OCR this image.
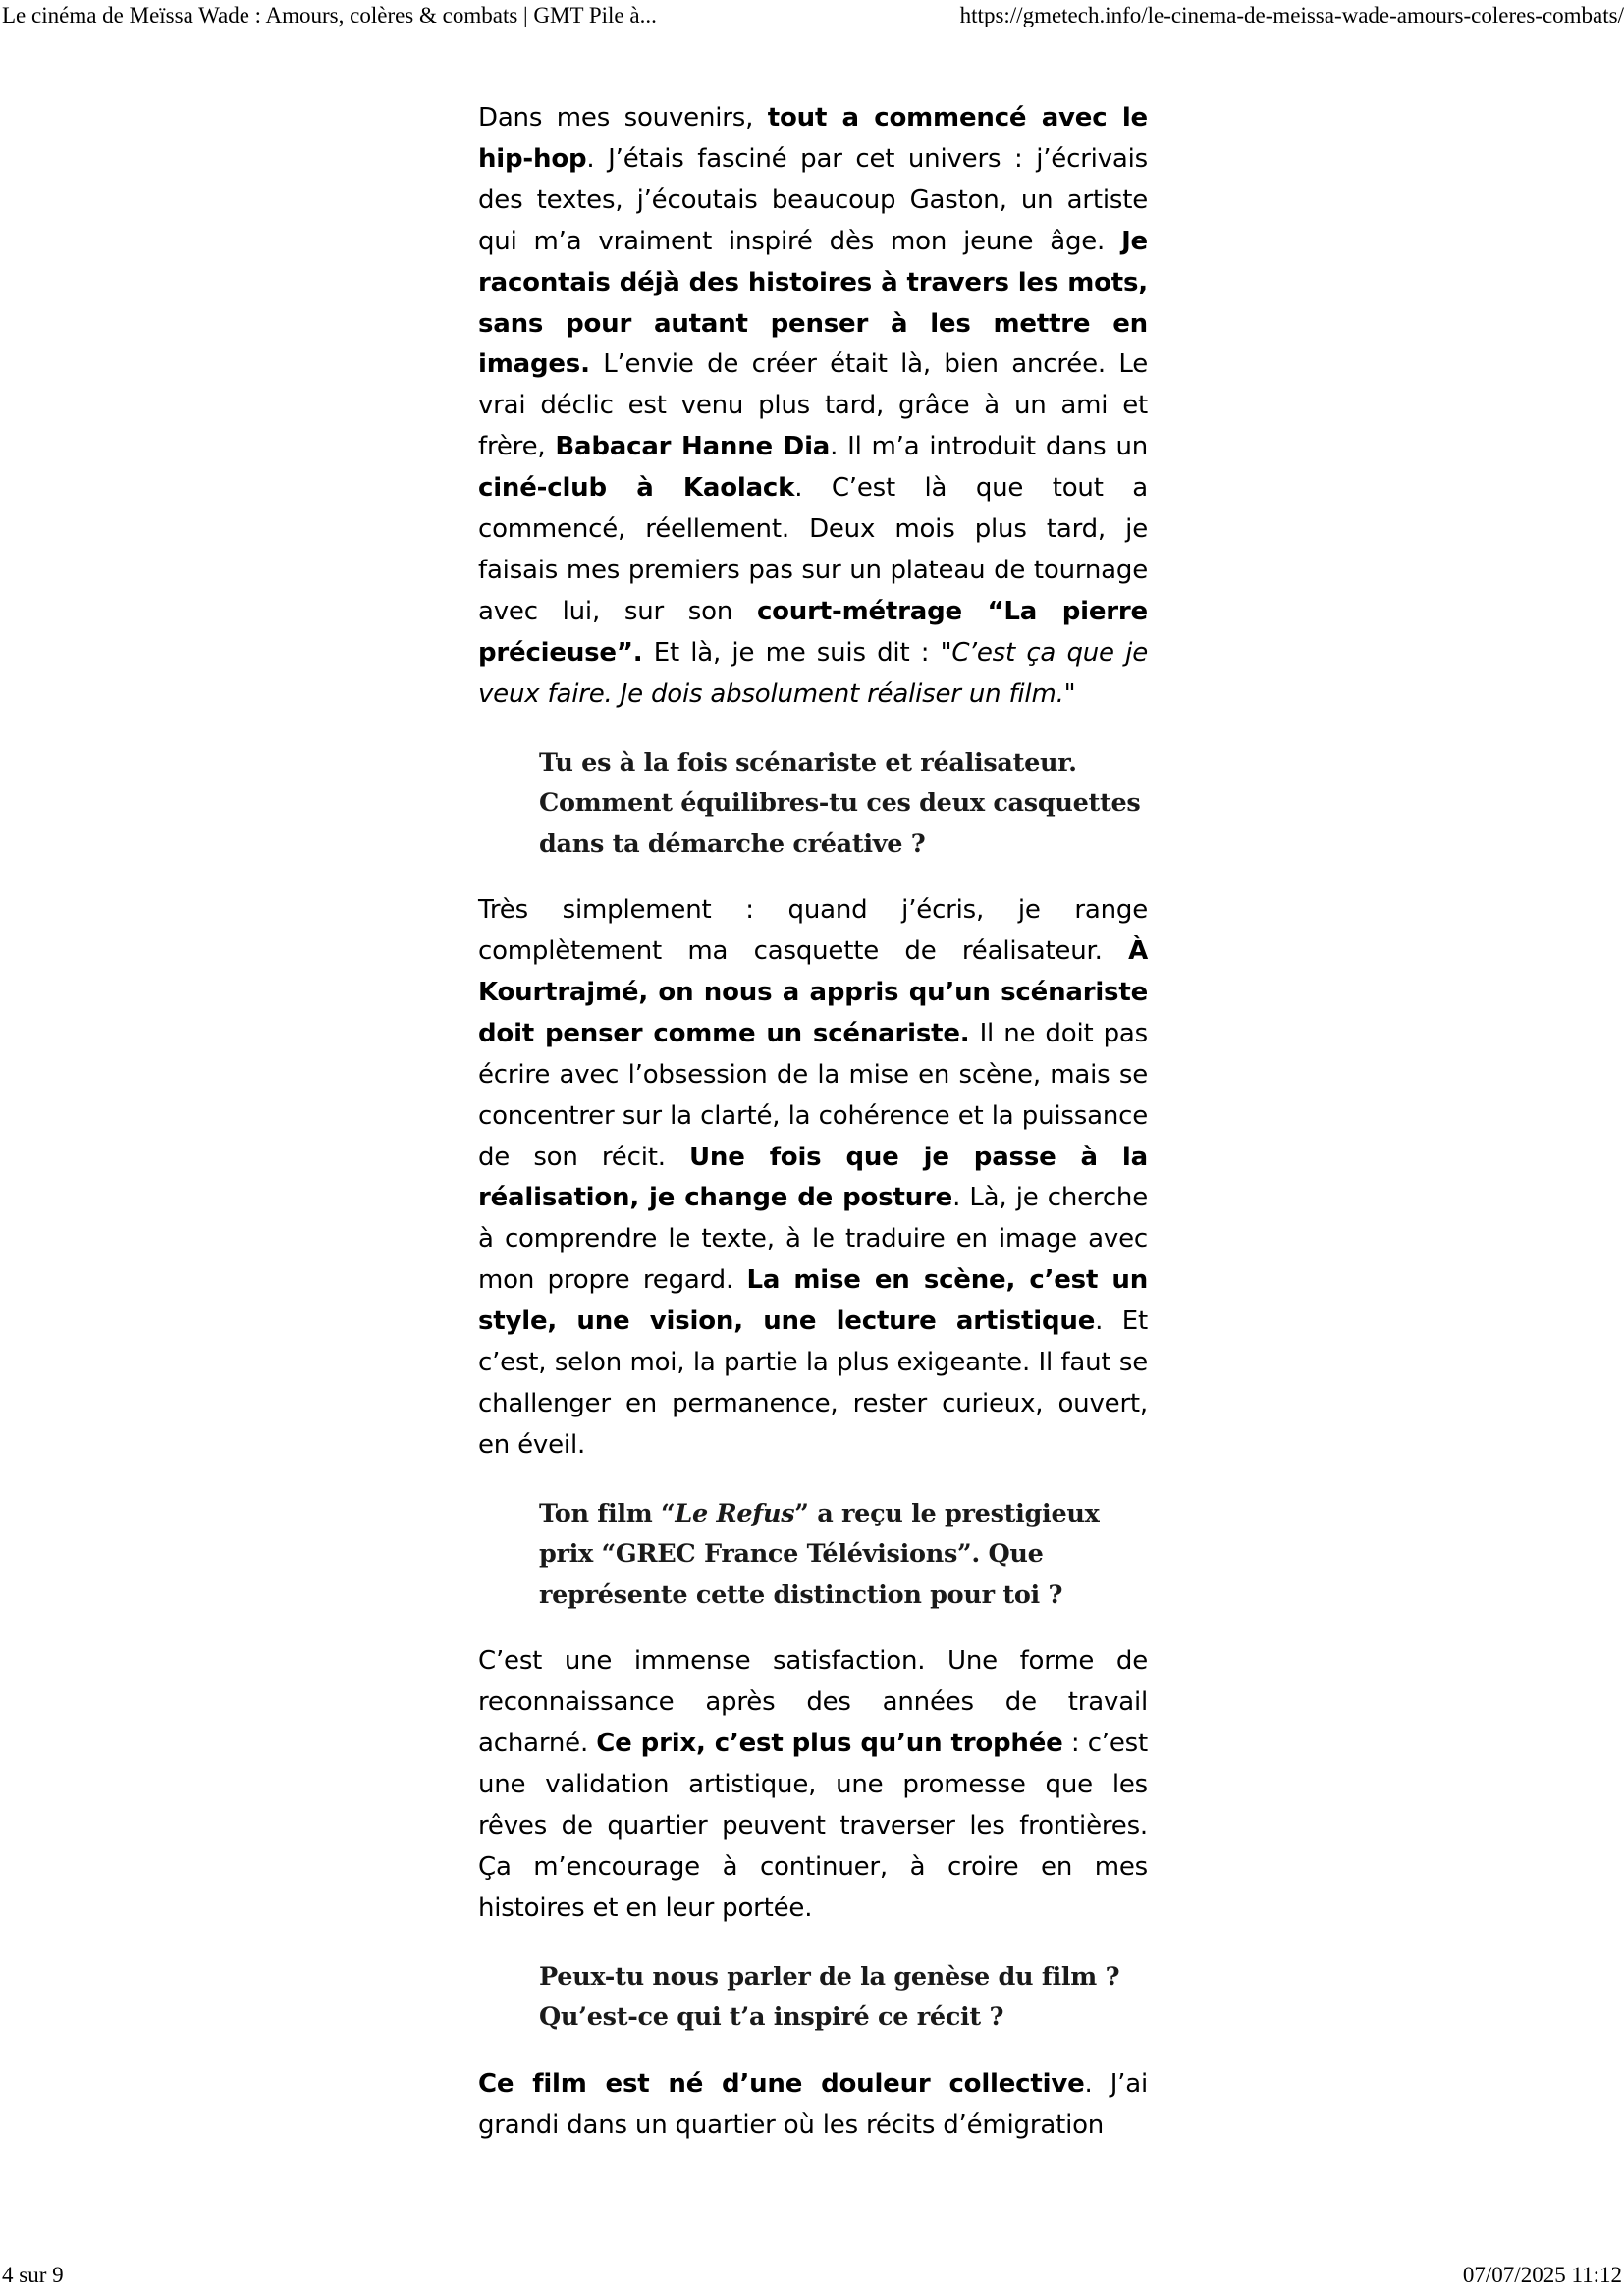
Le cinéma de Meïssa Wade : Amours, colères & combats | GMT Pile à...	https://gmetech.info/le-cinema-de-meissa-wade-amours-coleres-combats/

Dans mes souvenirs, tout a commencé avec le hip-hop. J’étais fasciné par cet univers : j’écrivais des textes, j’écoutais beaucoup Gaston, un artiste qui m’a vraiment inspiré dès mon jeune âge. Je racontais déjà des histoires à travers les mots, sans pour autant penser à les mettre en images. L’envie de créer était là, bien ancrée. Le vrai déclic est venu plus tard, grâce à un ami et frère, Babacar Hanne Dia. Il m’a introduit dans un ciné-club à Kaolack. C’est là que tout a commencé, réellement. Deux mois plus tard, je faisais mes premiers pas sur un plateau de tournage avec lui, sur son court-métrage “La pierre précieuse”. Et là, je me suis dit : "C’est ça que je veux faire. Je dois absolument réaliser un film."

Tu es à la fois scénariste et réalisateur. Comment équilibres-tu ces deux casquettes dans ta démarche créative ?

Très simplement : quand j’écris, je range complètement ma casquette de réalisateur. À Kourtrajmé, on nous a appris qu’un scénariste doit penser comme un scénariste. Il ne doit pas écrire avec l’obsession de la mise en scène, mais se concentrer sur la clarté, la cohérence et la puissance de son récit. Une fois que je passe à la réalisation, je change de posture. Là, je cherche à comprendre le texte, à le traduire en image avec mon propre regard. La mise en scène, c’est un style, une vision, une lecture artistique. Et c’est, selon moi, la partie la plus exigeante. Il faut se challenger en permanence, rester curieux, ouvert, en éveil.

Ton film “Le Refus” a reçu le prestigieux prix “GREC France Télévisions”. Que représente cette distinction pour toi ?

C’est une immense satisfaction. Une forme de reconnaissance après des années de travail acharné. Ce prix, c’est plus qu’un trophée : c’est une validation artistique, une promesse que les rêves de quartier peuvent traverser les frontières. Ça m’encourage à continuer, à croire en mes histoires et en leur portée.

Peux-tu nous parler de la genèse du film ? Qu’est-ce qui t’a inspiré ce récit ?

Ce film est né d’une douleur collective. J’ai grandi dans un quartier où les récits d’émigration

4 sur 9	07/07/2025 11:12
